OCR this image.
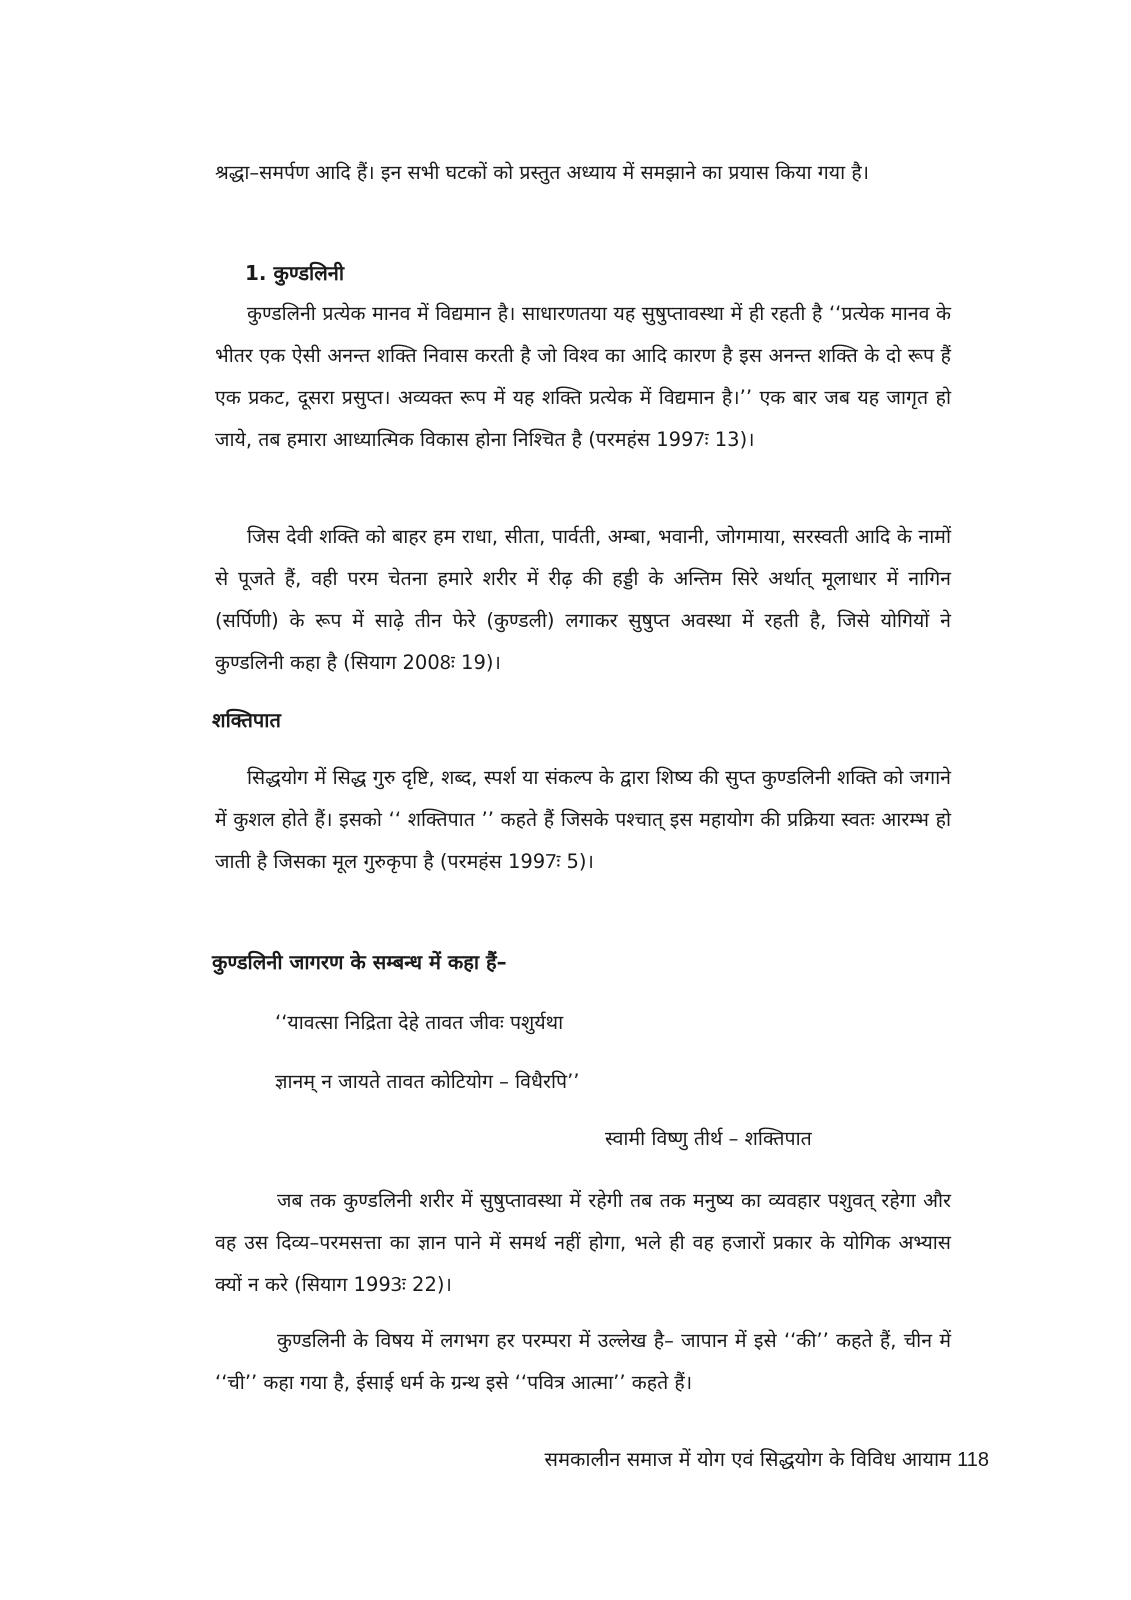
श्रद्धा–समर्पण आदि हैं। इन सभी घटकों को प्रस्तुत अध्याय में समझाने का प्रयास किया गया है।

1. कुण्डलिनी

कुण्डलिनी प्रत्येक मानव में विद्यमान है। साधारणतया यह सुषुप्तावस्था में ही रहती है ‘‘प्रत्येक मानव के भीतर एक ऐसी अनन्त शक्ति निवास करती है जो विश्व का आदि कारण है इस अनन्त शक्ति के दो रूप हैं एक प्रकट, दूसरा प्रसुप्त। अव्यक्त रूप में यह शक्ति प्रत्येक में विद्यमान है।’’ एक बार जब यह जागृत हो जाये, तब हमारा आध्यात्मिक विकास होना निश्चित है (परमहंस 1997ः 13)।

जिस देवी शक्ति को बाहर हम राधा, सीता, पार्वती, अम्बा, भवानी, जोगमाया, सरस्वती आदि के नामों से पूजते हैं, वही परम चेतना हमारे शरीर में रीढ़ की हड्डी के अन्तिम सिरे अर्थात् मूलाधार में नागिन (सर्पिणी) के रूप में साढ़े तीन फेरे (कुण्डली) लगाकर सुषुप्त अवस्था में रहती है, जिसे योगियों ने कुण्डलिनी कहा है (सियाग 2008ः 19)।

शक्तिपात

सिद्धयोग में सिद्ध गुरु दृष्टि, शब्द, स्पर्श या संकल्प के द्वारा शिष्य की सुप्त कुण्डलिनी शक्ति को जगाने में कुशल होते हैं। इसको ‘‘ शक्तिपात ’’ कहते हैं जिसके पश्चात् इस महायोग की प्रक्रिया स्वतः आरम्भ हो जाती है जिसका मूल गुरुकृपा है (परमहंस 1997ः 5)।

कुण्डलिनी जागरण के सम्बन्ध में कहा हैं–

‘‘यावत्सा निद्रिता देहे तावत जीवः पशुर्यथा

ज्ञानम् न जायते तावत कोटियोग – विधैरपि’’

स्वामी विष्णु तीर्थ – शक्तिपात

जब तक कुण्डलिनी शरीर में सुषुप्तावस्था में रहेगी तब तक मनुष्य का व्यवहार पशुवत् रहेगा और वह उस दिव्य–परमसत्ता का ज्ञान पाने में समर्थ नहीं होगा, भले ही वह हजारों प्रकार के योगिक अभ्यास क्यों न करे (सियाग 1993ः 22)।

कुण्डलिनी के विषय में लगभग हर परम्परा में उल्लेख है– जापान में इसे ‘‘की’’ कहते हैं, चीन में ‘‘ची’’ कहा गया है, ईसाई धर्म के ग्रन्थ इसे ‘‘पवित्र आत्मा’’ कहते हैं।

समकालीन समाज में योग एवं सिद्धयोग के विविध आयाम 118
